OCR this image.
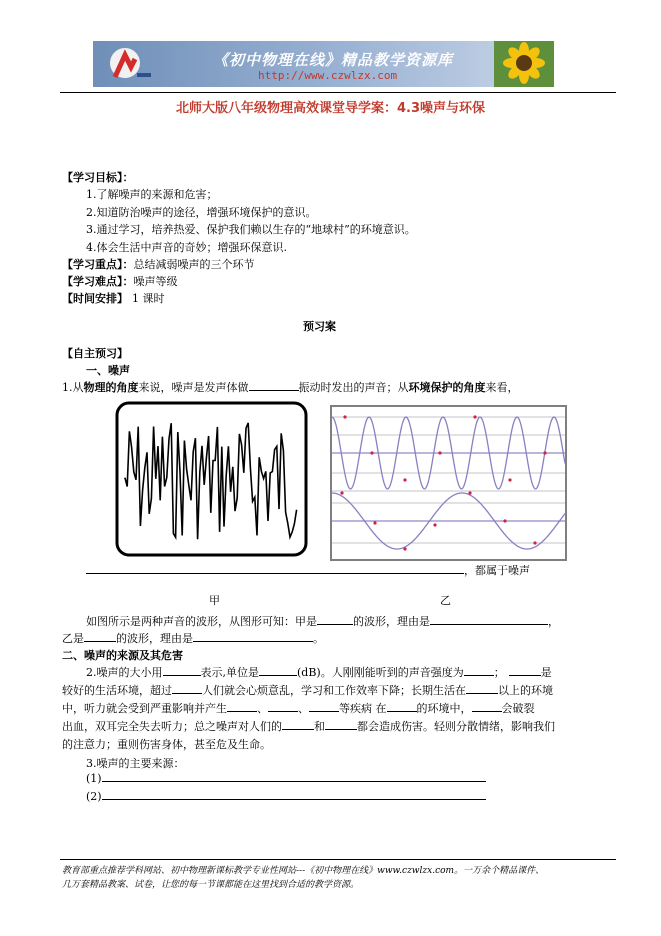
《初中物理在线》精品教学资源库
http://www.czwlzx.com
北师大版八年级物理高效课堂导学案：4.3噪声与环保
【学习目标】：
1.了解噪声的来源和危害；
2.知道防治噪声的途径，增强环境保护的意识。
3.通过学习，培养热爱、保护我们赖以生存的“地球村”的环境意识。
4.体会生活中声音的奇妙；增强环保意识.
【学习重点】：总结减弱噪声的三个环节
【学习难点】：噪声等级
【时间安排】 1 课时
预习案
【自主预习】
一、噪声
1.从物理的角度来说，噪声是发声体做	振动时发出的声音；从环境保护的角度来看，
，都属于噪声
甲	乙
如图所示是两种声音的波形，从图形可知：甲是	的波形，理由是	，
乙是	的波形，理由是	。
二、噪声的来源及其危害
2.噪声的大小用	表示,单位是	(dB)。人刚刚能听到的声音强度为	；	是
较好的生活环境，超过	人们就会心烦意乱，学习和工作效率下降；长期生活在	以上的环境
中，听力就会受到严重影响并产生	、	、	等疾病 在	的环境中，	会破裂
出血，双耳完全失去听力；总之噪声对人们的	和	都会造成伤害。轻则分散情绪，影响我们
的注意力；重则伤害身体，甚至危及生命。
3.噪声的主要来源：
(1)
(2)
教育部重点推荐学科网站、初中物理新课标教学专业性网站---《初中物理在线》www.czwlzx.com。一万余个精品课件、
几万套精品教案、试卷，让您的每一节课都能在这里找到合适的教学资源。
